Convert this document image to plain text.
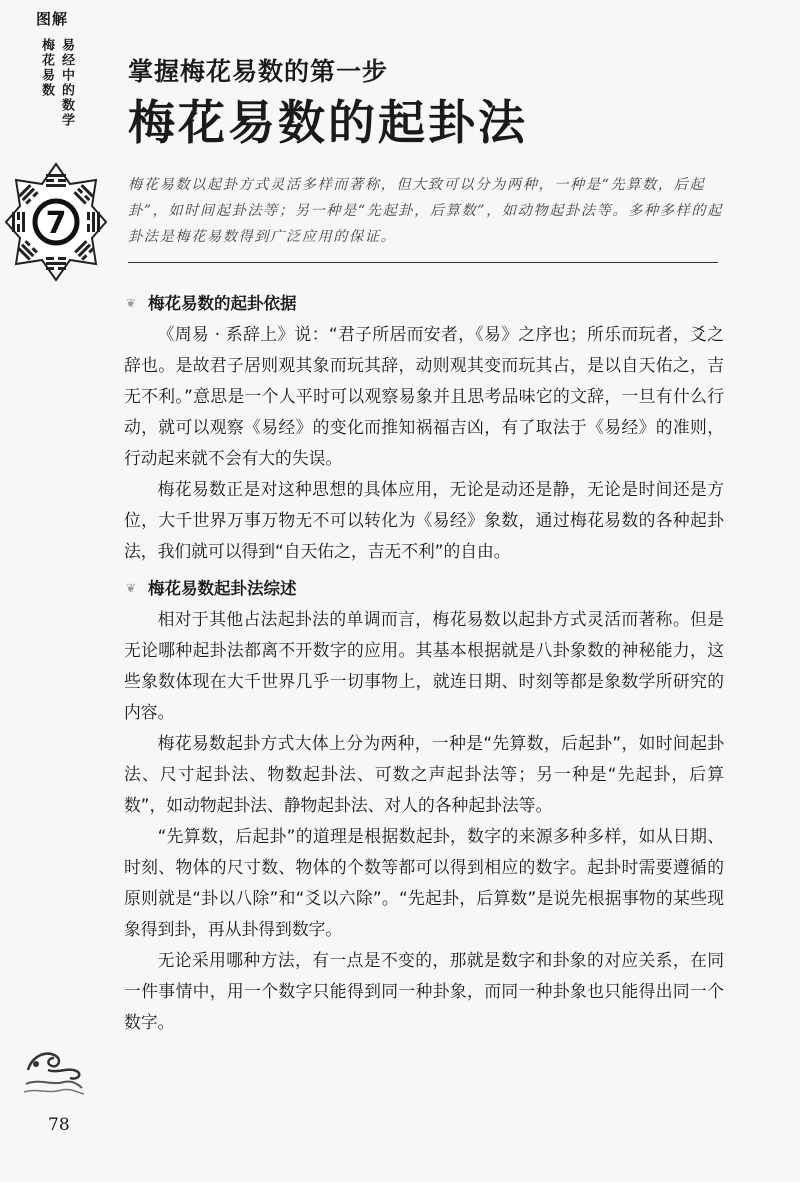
图解
梅花易数 易经中的数学
7
掌握梅花易数的第一步
梅花易数的起卦法
梅花易数以起卦方式灵活多样而著称，但大致可以分为两种，一种是“先算数，后起卦”，如时间起卦法等；另一种是“先起卦，后算数”，如动物起卦法等。多种多样的起卦法是梅花易数得到广泛应用的保证。

❦ 梅花易数的起卦依据

《周易 · 系辞上》说：“君子所居而安者，《易》之序也；所乐而玩者，爻之辞也。是故君子居则观其象而玩其辞，动则观其变而玩其占，是以自天佑之，吉无不利。”意思是一个人平时可以观察易象并且思考品味它的文辞，一旦有什么行动，就可以观察《易经》的变化而推知祸福吉凶，有了取法于《易经》的准则，行动起来就不会有大的失误。

梅花易数正是对这种思想的具体应用，无论是动还是静，无论是时间还是方位，大千世界万事万物无不可以转化为《易经》象数，通过梅花易数的各种起卦法，我们就可以得到“自天佑之，吉无不利”的自由。

❦ 梅花易数起卦法综述

相对于其他占法起卦法的单调而言，梅花易数以起卦方式灵活而著称。但是无论哪种起卦法都离不开数字的应用。其基本根据就是八卦象数的神秘能力，这些象数体现在大千世界几乎一切事物上，就连日期、时刻等都是象数学所研究的内容。

梅花易数起卦方式大体上分为两种，一种是“先算数，后起卦”，如时间起卦法、尺寸起卦法、物数起卦法、可数之声起卦法等；另一种是“先起卦，后算数”，如动物起卦法、静物起卦法、对人的各种起卦法等。

“先算数，后起卦”的道理是根据数起卦，数字的来源多种多样，如从日期、时刻、物体的尺寸数、物体的个数等都可以得到相应的数字。起卦时需要遵循的原则就是“卦以八除”和“爻以六除”。“先起卦，后算数”是说先根据事物的某些现象得到卦，再从卦得到数字。

无论采用哪种方法，有一点是不变的，那就是数字和卦象的对应关系，在同一件事情中，用一个数字只能得到同一种卦象，而同一种卦象也只能得出同一个数字。

78
